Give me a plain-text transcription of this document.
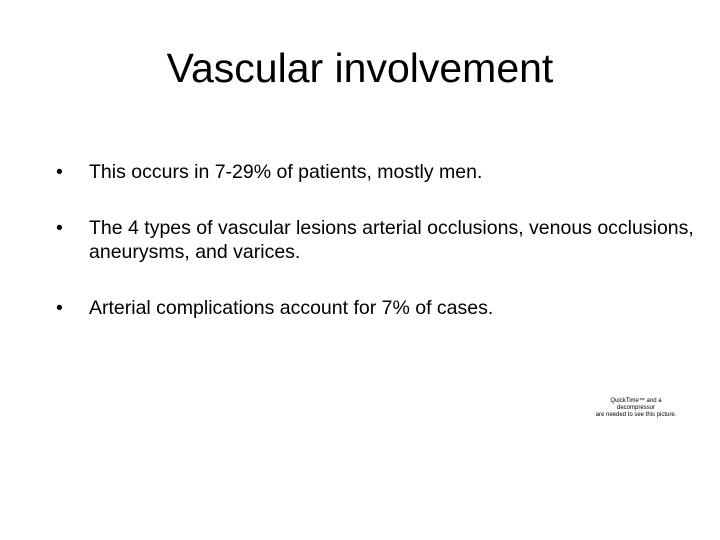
Vascular involvement
• This occurs in 7-29% of patients, mostly men.
• The 4 types of vascular lesions arterial occlusions, venous occlusions, aneurysms, and varices.
• Arterial complications account for 7% of cases.
QuickTime™ and a
decompressor
are needed to see this picture.
